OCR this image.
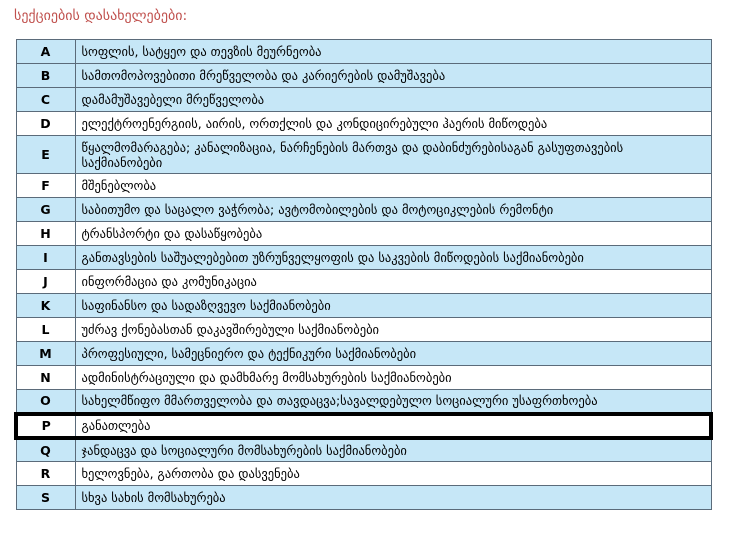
სექციების დასახელებები:
A	სოფლის, სატყეო და თევზის მეურნეობა
B	სამთომოპოვებითი მრეწველობა და კარიერების დამუშავება
C	დამამუშავებელი მრეწველობა
D	ელექტროენერგიის, აირის, ორთქლის და კონდიცირებული ჰაერის მიწოდება
E	წყალმომარაგება; კანალიზაცია, ნარჩენების მართვა და დაბინძურებისაგან გასუფთავების საქმიანობები
F	მშენებლობა
G	საბითუმო და საცალო ვაჭრობა; ავტომობილების და მოტოციკლების რემონტი
H	ტრანსპორტი და დასაწყობება
I	განთავსების საშუალებებით უზრუნველყოფის და საკვების მიწოდების საქმიანობები
J	ინფორმაცია და კომუნიკაცია
K	საფინანსო და სადაზღვევო საქმიანობები
L	უძრავ ქონებასთან დაკავშირებული საქმიანობები
M	პროფესიული, სამეცნიერო და ტექნიკური საქმიანობები
N	ადმინისტრაციული და დამხმარე მომსახურების საქმიანობები
O	სახელმწიფო მმართველობა და თავდაცვა;სავალდებულო სოციალური უსაფრთხოება
P	განათლება
Q	ჯანდაცვა და სოციალური მომსახურების საქმიანობები
R	ხელოვნება, გართობა და დასვენება
S	სხვა სახის მომსახურება
